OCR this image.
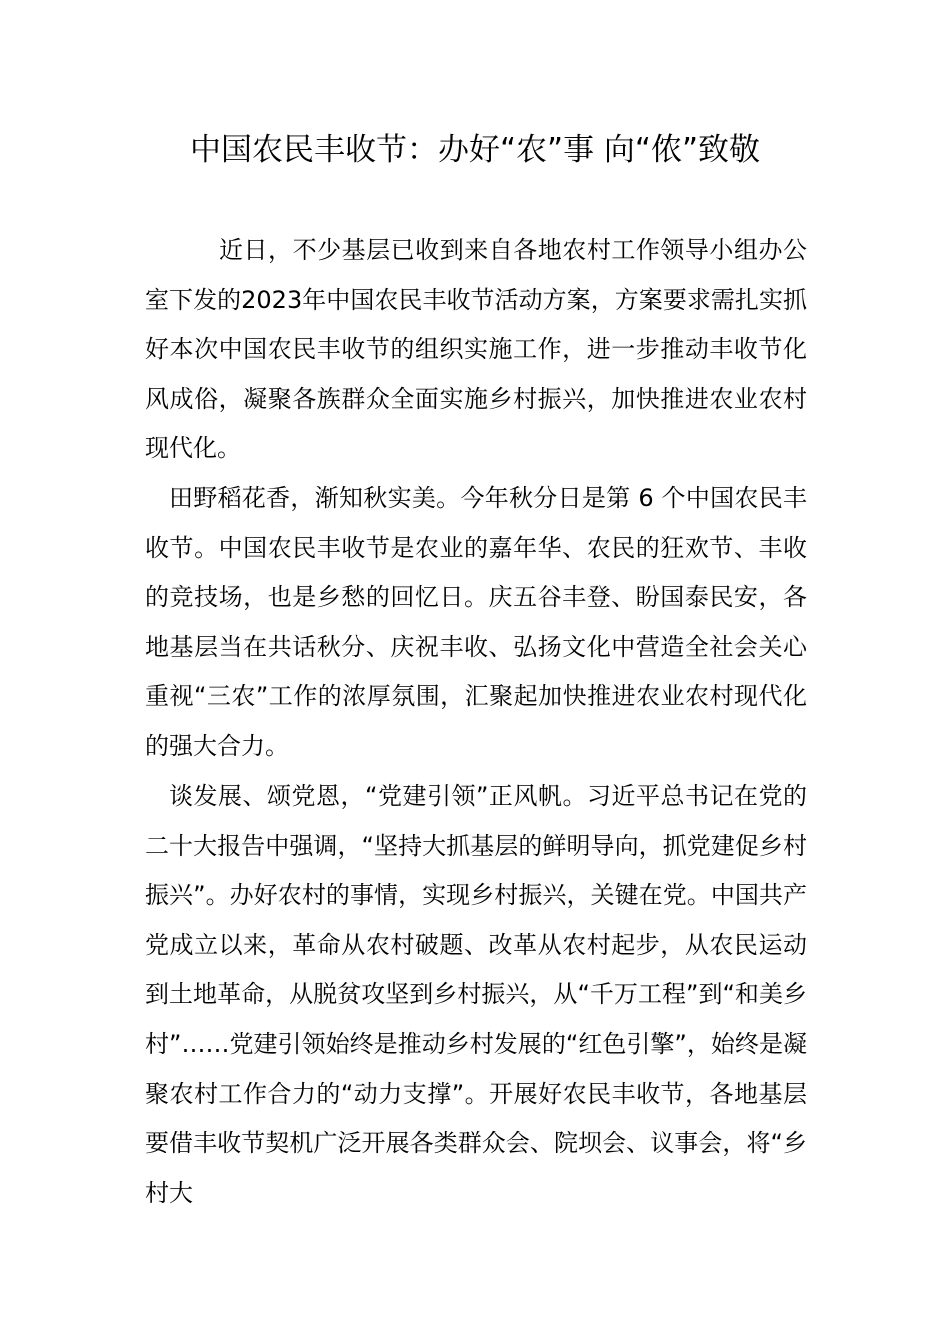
中国农民丰收节：办好“农”事 向“侬”致敬

近日，不少基层已收到来自各地农村工作领导小组办公室下发的2023年中国农民丰收节活动方案，方案要求需扎实抓好本次中国农民丰收节的组织实施工作，进一步推动丰收节化风成俗，凝聚各族群众全面实施乡村振兴，加快推进农业农村现代化。

田野稻花香，渐知秋实美。今年秋分日是第 6 个中国农民丰收节。中国农民丰收节是农业的嘉年华、农民的狂欢节、丰收的竞技场，也是乡愁的回忆日。庆五谷丰登、盼国泰民安，各地基层当在共话秋分、庆祝丰收、弘扬文化中营造全社会关心重视“三农”工作的浓厚氛围，汇聚起加快推进农业农村现代化的强大合力。

谈发展、颂党恩，“党建引领”正风帆。习近平总书记在党的二十大报告中强调，“坚持大抓基层的鲜明导向，抓党建促乡村振兴”。办好农村的事情，实现乡村振兴，关键在党。中国共产党成立以来，革命从农村破题、改革从农村起步，从农民运动到土地革命，从脱贫攻坚到乡村振兴，从“千万工程”到“和美乡村”……党建引领始终是推动乡村发展的“红色引擎”，始终是凝聚农村工作合力的“动力支撑”。开展好农民丰收节，各地基层要借丰收节契机广泛开展各类群众会、院坝会、议事会，将“乡村大
